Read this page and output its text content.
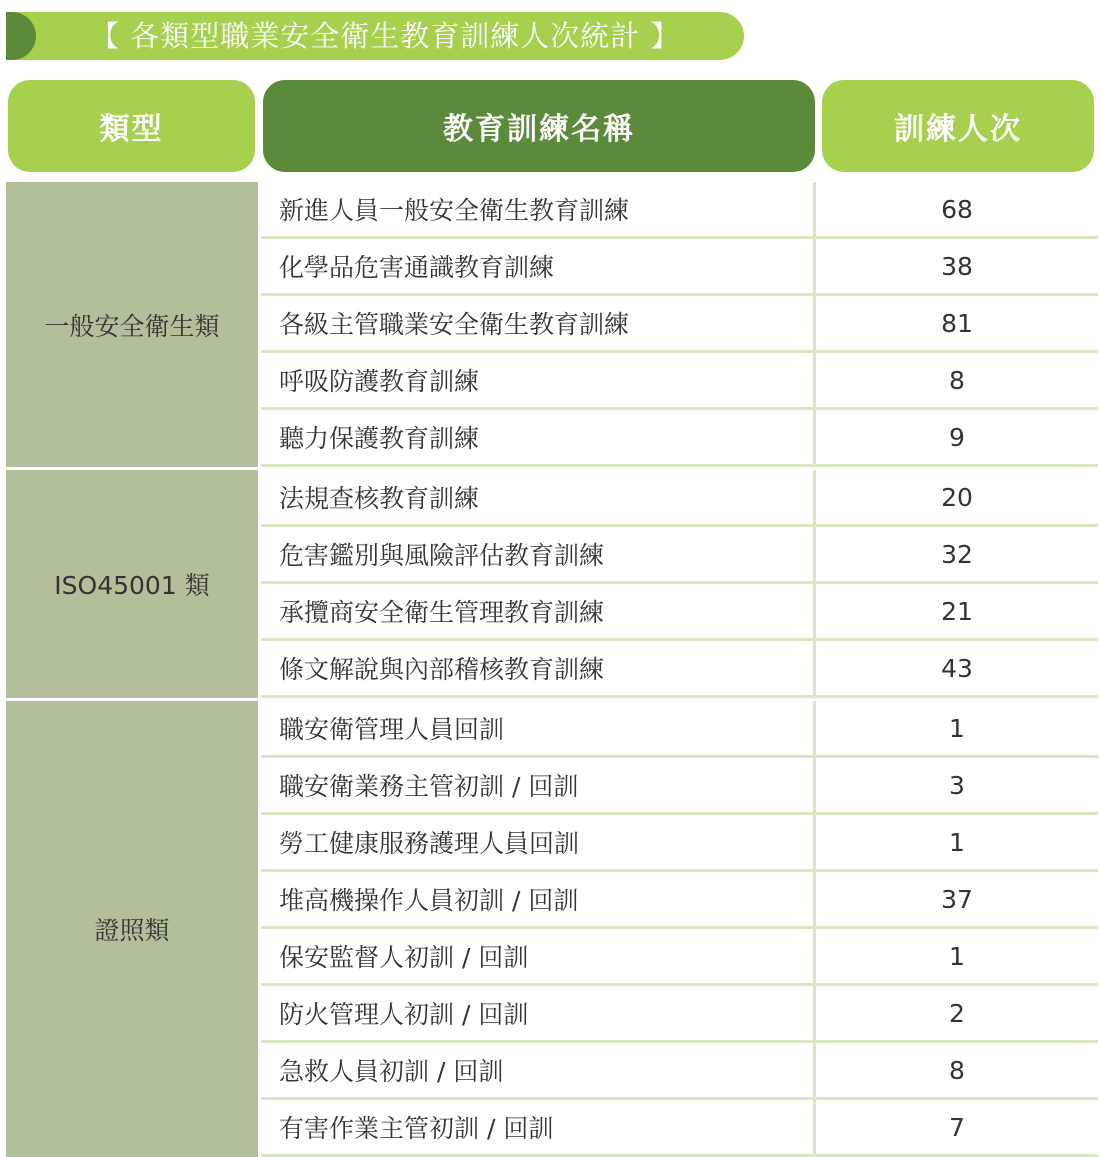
【 各類型職業安全衛生教育訓練人次統計 】
類型	教育訓練名稱	訓練人次
一般安全衛生類
新進人員一般安全衛生教育訓練	68
化學品危害通識教育訓練	38
各級主管職業安全衛生教育訓練	81
呼吸防護教育訓練	8
聽力保護教育訓練	9
ISO45001 類
法規查核教育訓練	20
危害鑑別與風險評估教育訓練	32
承攬商安全衛生管理教育訓練	21
條文解說與內部稽核教育訓練	43
證照類
職安衛管理人員回訓	1
職安衛業務主管初訓 / 回訓	3
勞工健康服務護理人員回訓	1
堆高機操作人員初訓 / 回訓	37
保安監督人初訓 / 回訓	1
防火管理人初訓 / 回訓	2
急救人員初訓 / 回訓	8
有害作業主管初訓 / 回訓	7
